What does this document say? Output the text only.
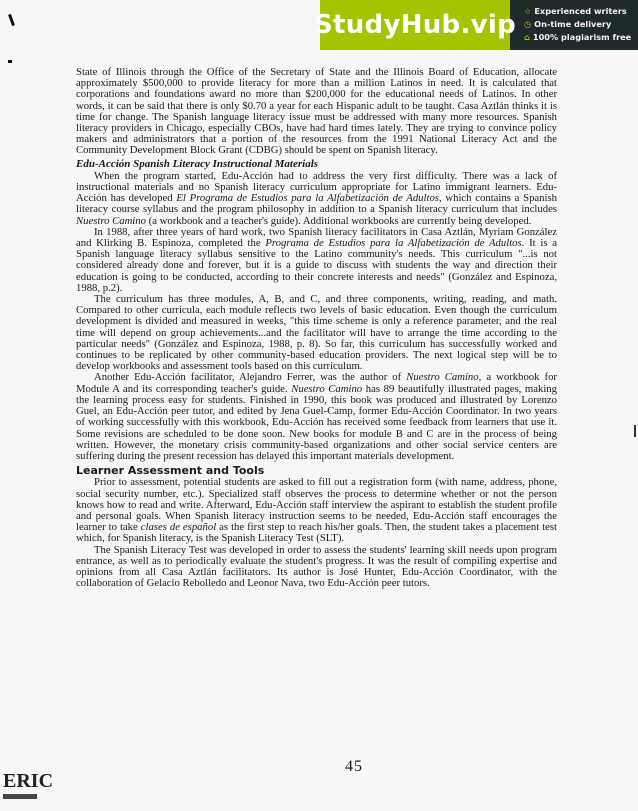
StudyHub.vip ☆ Experienced writers
◷ On-time delivery
⌂ 100% plagiarism free

State of Illinois through the Office of the Secretary of State and the Illinois Board of Education, allocate approximately $500,000 to provide literacy for more than a million Latinos in need. It is calculated that corporations and foundations award no more than $200,000 for the educational needs of Latinos. In other words, it can be said that there is only $0.70 a year for each Hispanic adult to be taught. Casa Aztlán thinks it is time for change. The Spanish language literacy issue must be addressed with many more resources. Spanish literacy providers in Chicago, especially CBOs, have had hard times lately. They are trying to convince policy makers and administrators that a portion of the resources from the 1991 National Literacy Act and the Community Development Block Grant (CDBG) should be spent on Spanish literacy.

Edu-Acción Spanish Literacy Instructional Materials

When the program started, Edu-Acción had to address the very first difficulty. There was a lack of instructional materials and no Spanish literacy curriculum appropriate for Latino immigrant learners. Edu-Acción has developed El Programa de Estudios para la Alfabetización de Adultos, which contains a Spanish literacy course syllabus and the program philosophy in addition to a Spanish literacy curriculum that includes Nuestro Camino (a workbook and a teacher's guide). Additional workbooks are currently being developed.

In 1988, after three years of hard work, two Spanish literacy facilitators in Casa Aztlán, Myriam González and Klirking B. Espinoza, completed the Programa de Estudios para la Alfabetización de Adultos. It is a Spanish language literacy syllabus sensitive to the Latino community's needs. This curriculum "...is not considered already done and forever, but it is a guide to discuss with students the way and direction their education is going to be conducted, according to their concrete interests and needs" (González and Espinoza, 1988, p.2).

The curriculum has three modules, A, B, and C, and three components, writing, reading, and math. Compared to other curricula, each module reflects two levels of basic education. Even though the curriculum development is divided and measured in weeks, "this time scheme is only a reference parameter, and the real time will depend on group achievements...and the facilitator will have to arrange the time according to the particular needs" (González and Espinoza, 1988, p. 8). So far, this curriculum has successfully worked and continues to be replicated by other community-based education providers. The next logical step will be to develop workbooks and assessment tools based on this curriculum.

Another Edu-Acción facilitator, Alejandro Ferrer, was the author of Nuestro Camino, a workbook for Module A and its corresponding teacher's guide. Nuestro Camino has 89 beautifully illustrated pages, making the learning process easy for students. Finished in 1990, this book was produced and illustrated by Lorenzo Guel, an Edu-Acción peer tutor, and edited by Jena Guel-Camp, former Edu-Acción Coordinator. In two years of working successfully with this workbook, Edu-Acción has received some feedback from learners that use it. Some revisions are scheduled to be done soon. New books for module B and C are in the process of being written. However, the monetary crisis community-based organizations and other social service centers are suffering during the present recession has delayed this important materials development.

Learner Assessment and Tools

Prior to assessment, potential students are asked to fill out a registration form (with name, address, phone, social security number, etc.). Specialized staff observes the process to determine whether or not the person knows how to read and write. Afterward, Edu-Acción staff interview the aspirant to establish the student profile and personal goals. When Spanish literacy instruction seems to be needed, Edu-Acción staff encourages the learner to take clases de español as the first step to reach his/her goals. Then, the student takes a placement test which, for Spanish literacy, is the Spanish Literacy Test (SLT).

The Spanish Literacy Test was developed in order to assess the students' learning skill needs upon program entrance, as well as to periodically evaluate the student's progress. It was the result of compiling expertise and opinions from all Casa Aztlán facilitators. Its author is José Hunter, Edu-Acción Coordinator, with the collaboration of Gelacio Rebolledo and Leonor Nava, two Edu-Acción peer tutors.

45
ERIC
